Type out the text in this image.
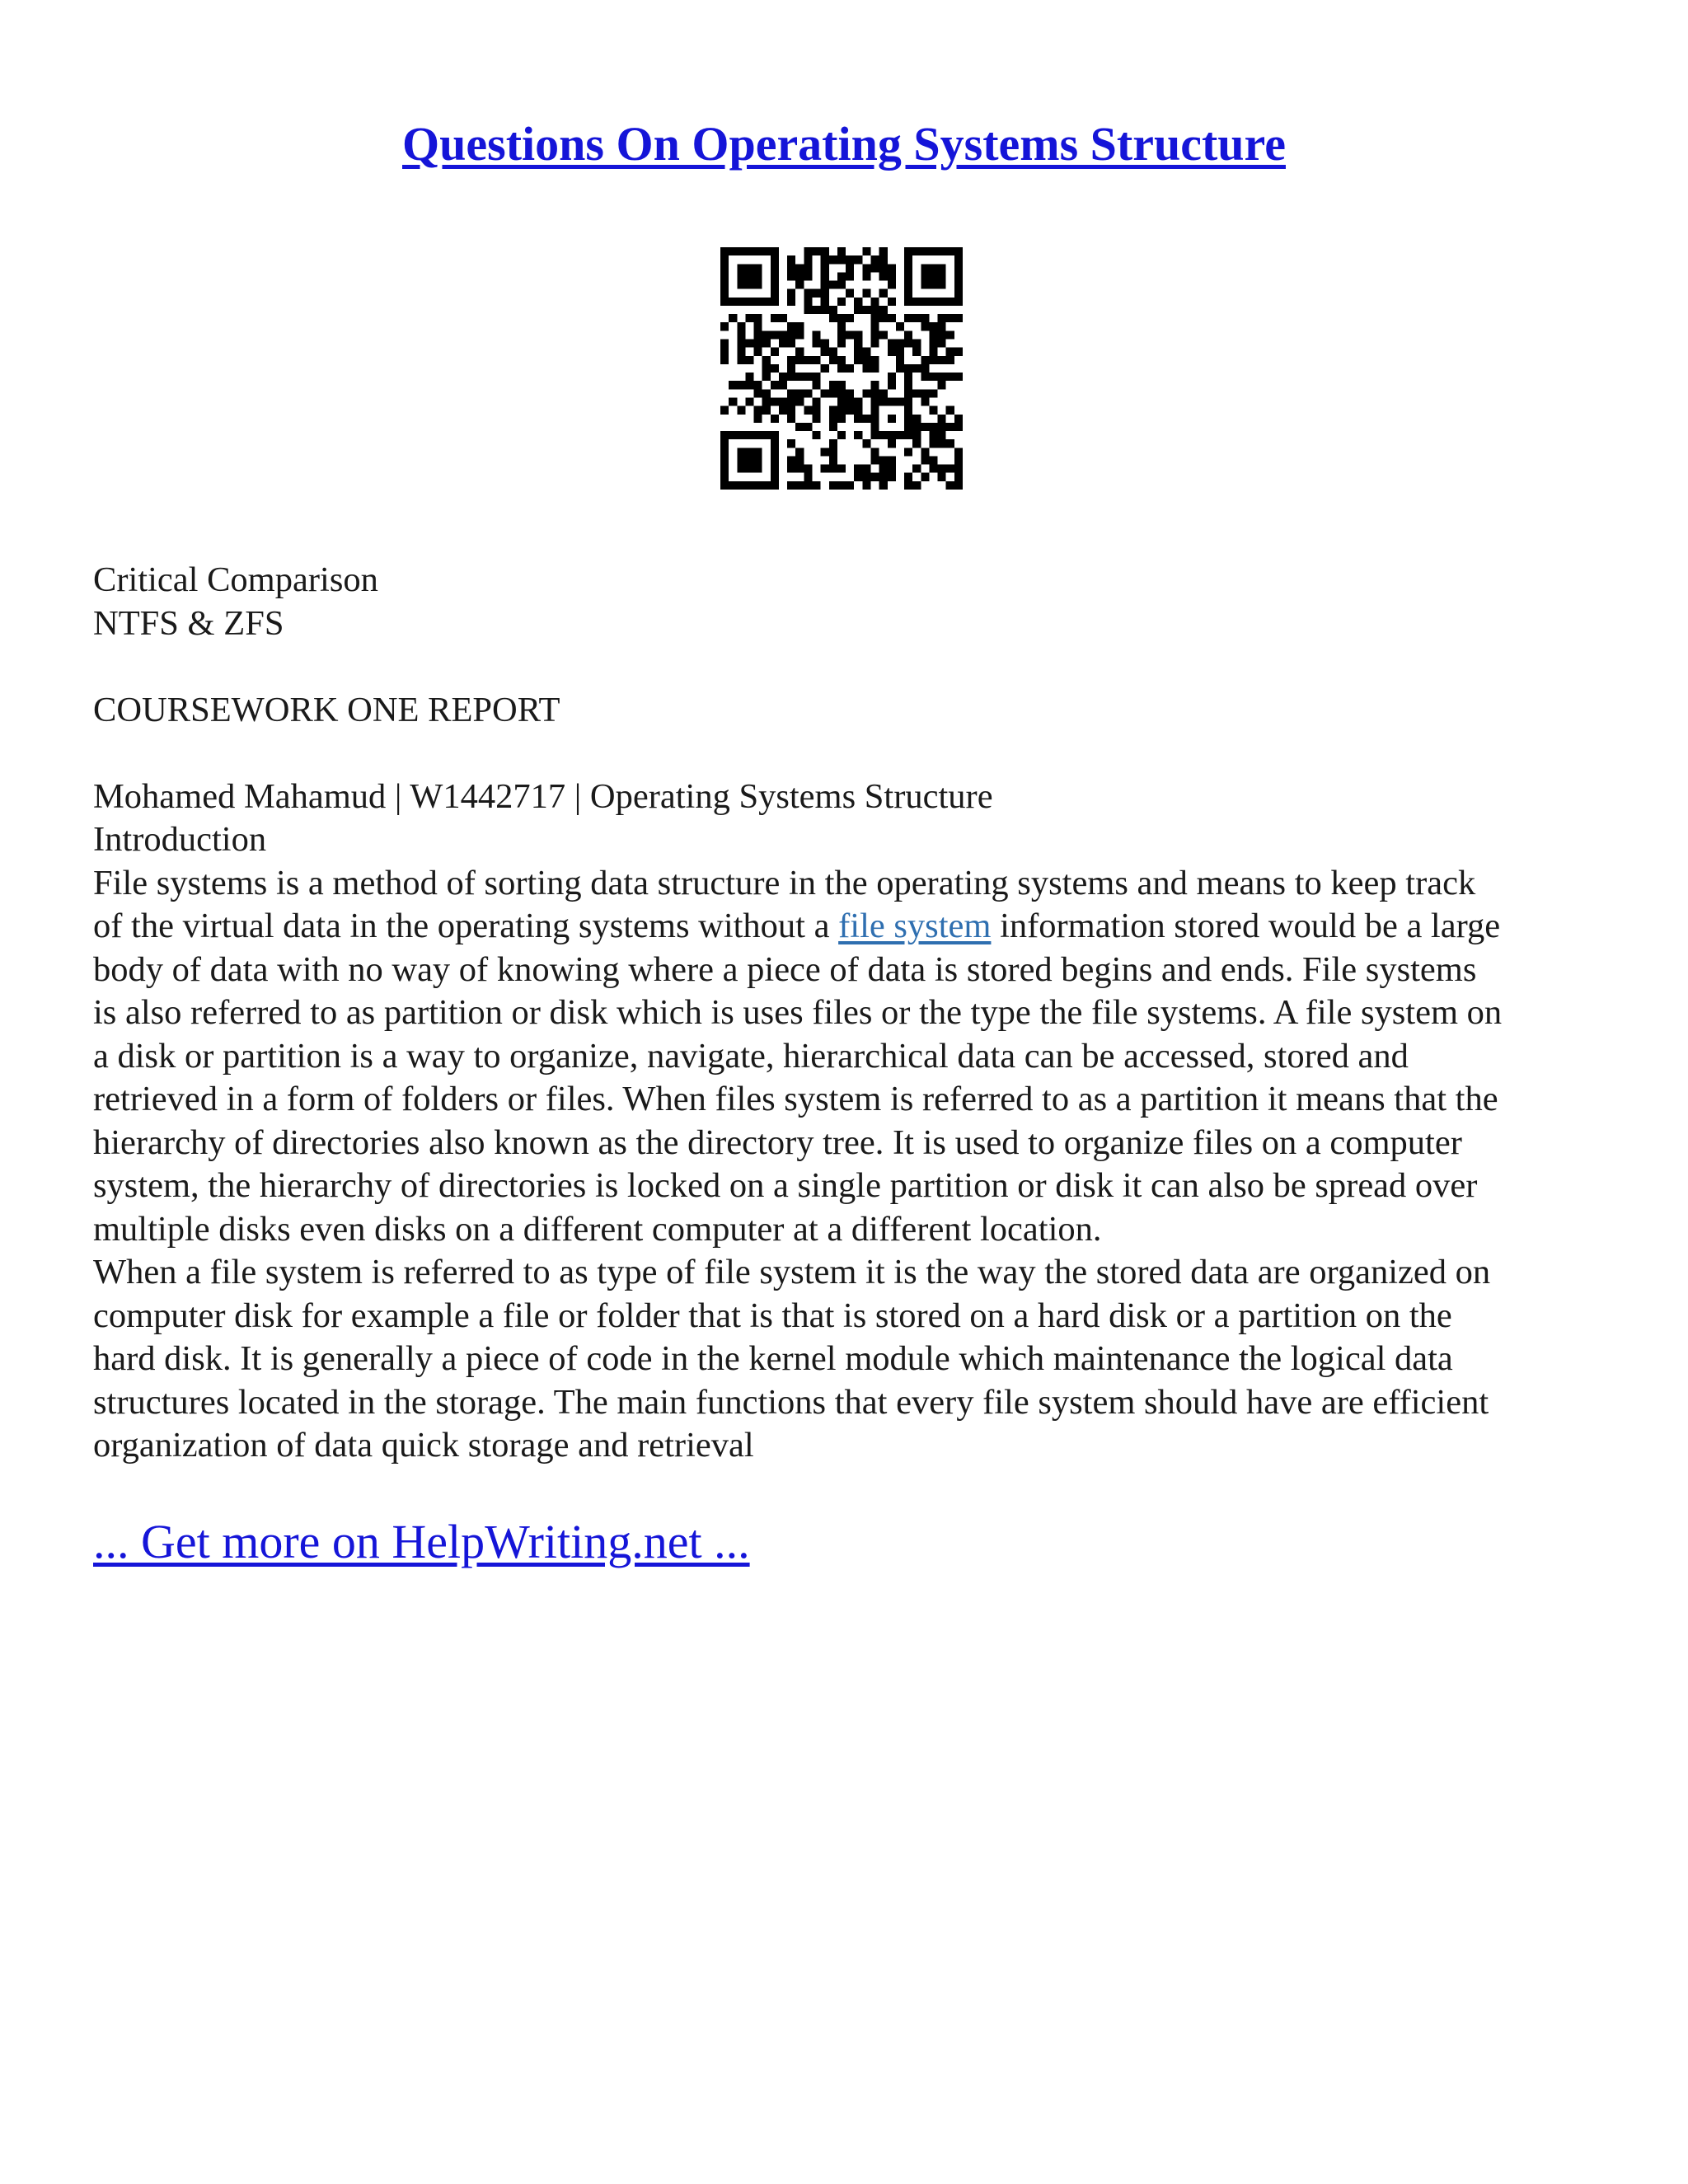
Questions On Operating Systems Structure
Critical Comparison
NTFS & ZFS
COURSEWORK ONE REPORT
Mohamed Mahamud | W1442717 | Operating Systems Structure
Introduction
File systems is a method of sorting data structure in the operating systems and means to keep track
of the virtual data in the operating systems without a file system information stored would be a large
body of data with no way of knowing where a piece of data is stored begins and ends. File systems
is also referred to as partition or disk which is uses files or the type the file systems. A file system on
a disk or partition is a way to organize, navigate, hierarchical data can be accessed, stored and
retrieved in a form of folders or files. When files system is referred to as a partition it means that the
hierarchy of directories also known as the directory tree. It is used to organize files on a computer
system, the hierarchy of directories is locked on a single partition or disk it can also be spread over
multiple disks even disks on a different computer at a different location.
When a file system is referred to as type of file system it is the way the stored data are organized on
computer disk for example a file or folder that is that is stored on a hard disk or a partition on the
hard disk. It is generally a piece of code in the kernel module which maintenance the logical data
structures located in the storage. The main functions that every file system should have are efficient
organization of data quick storage and retrieval

... Get more on HelpWriting.net ...
